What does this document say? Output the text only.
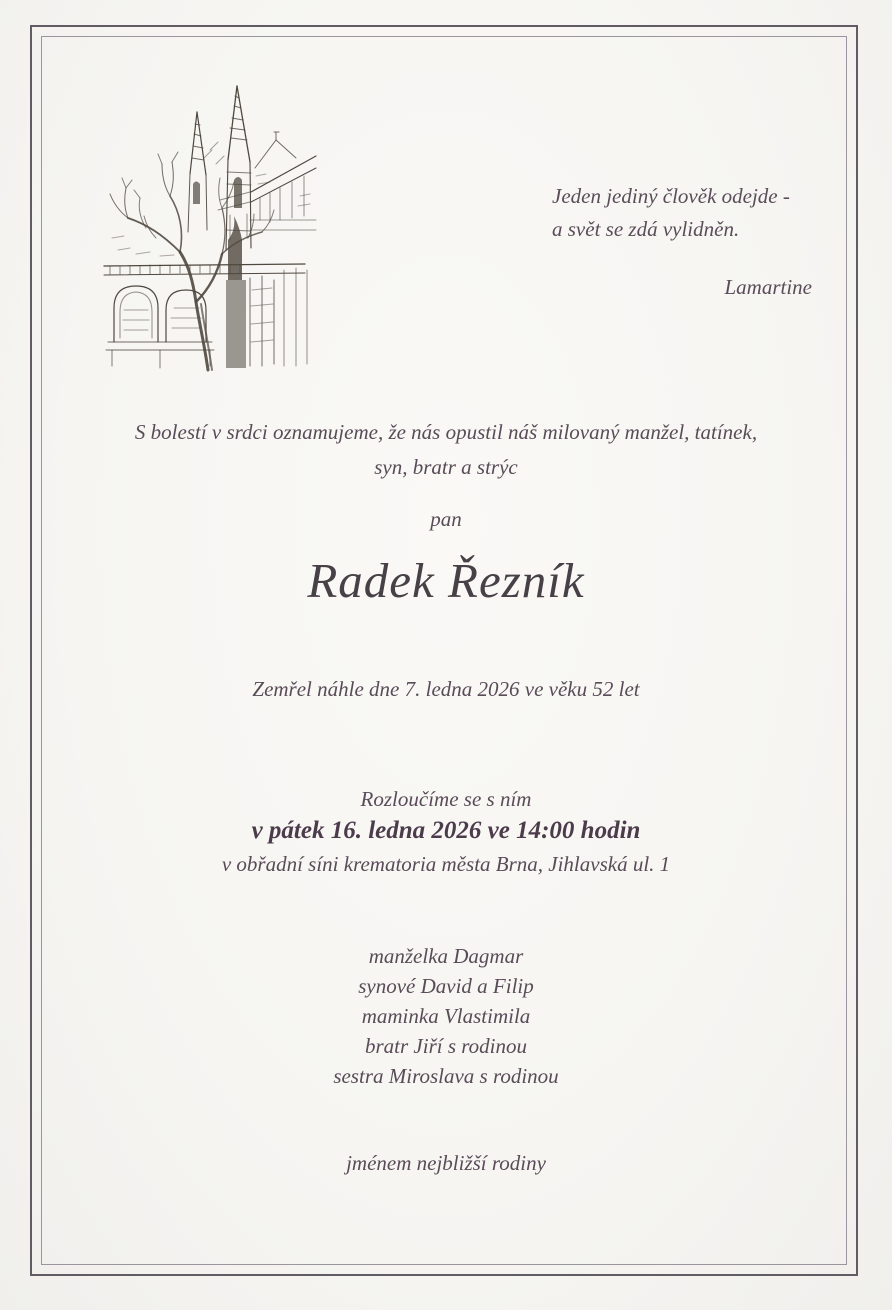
Jeden jediný člověk odejde -
a svět se zdá vylidněn.
Lamartine
S bolestí v srdci oznamujeme, že nás opustil náš milovaný manžel, tatínek,
syn, bratr a strýc
pan
Radek Řezník
Zemřel náhle dne 7. ledna 2026 ve věku 52 let
Rozloučíme se s ním
v pátek 16. ledna 2026 ve 14:00 hodin
v obřadní síni krematoria města Brna, Jihlavská ul. 1
manželka Dagmar
synové David a Filip
maminka Vlastimila
bratr Jiří s rodinou
sestra Miroslava s rodinou
jménem nejbližší rodiny
